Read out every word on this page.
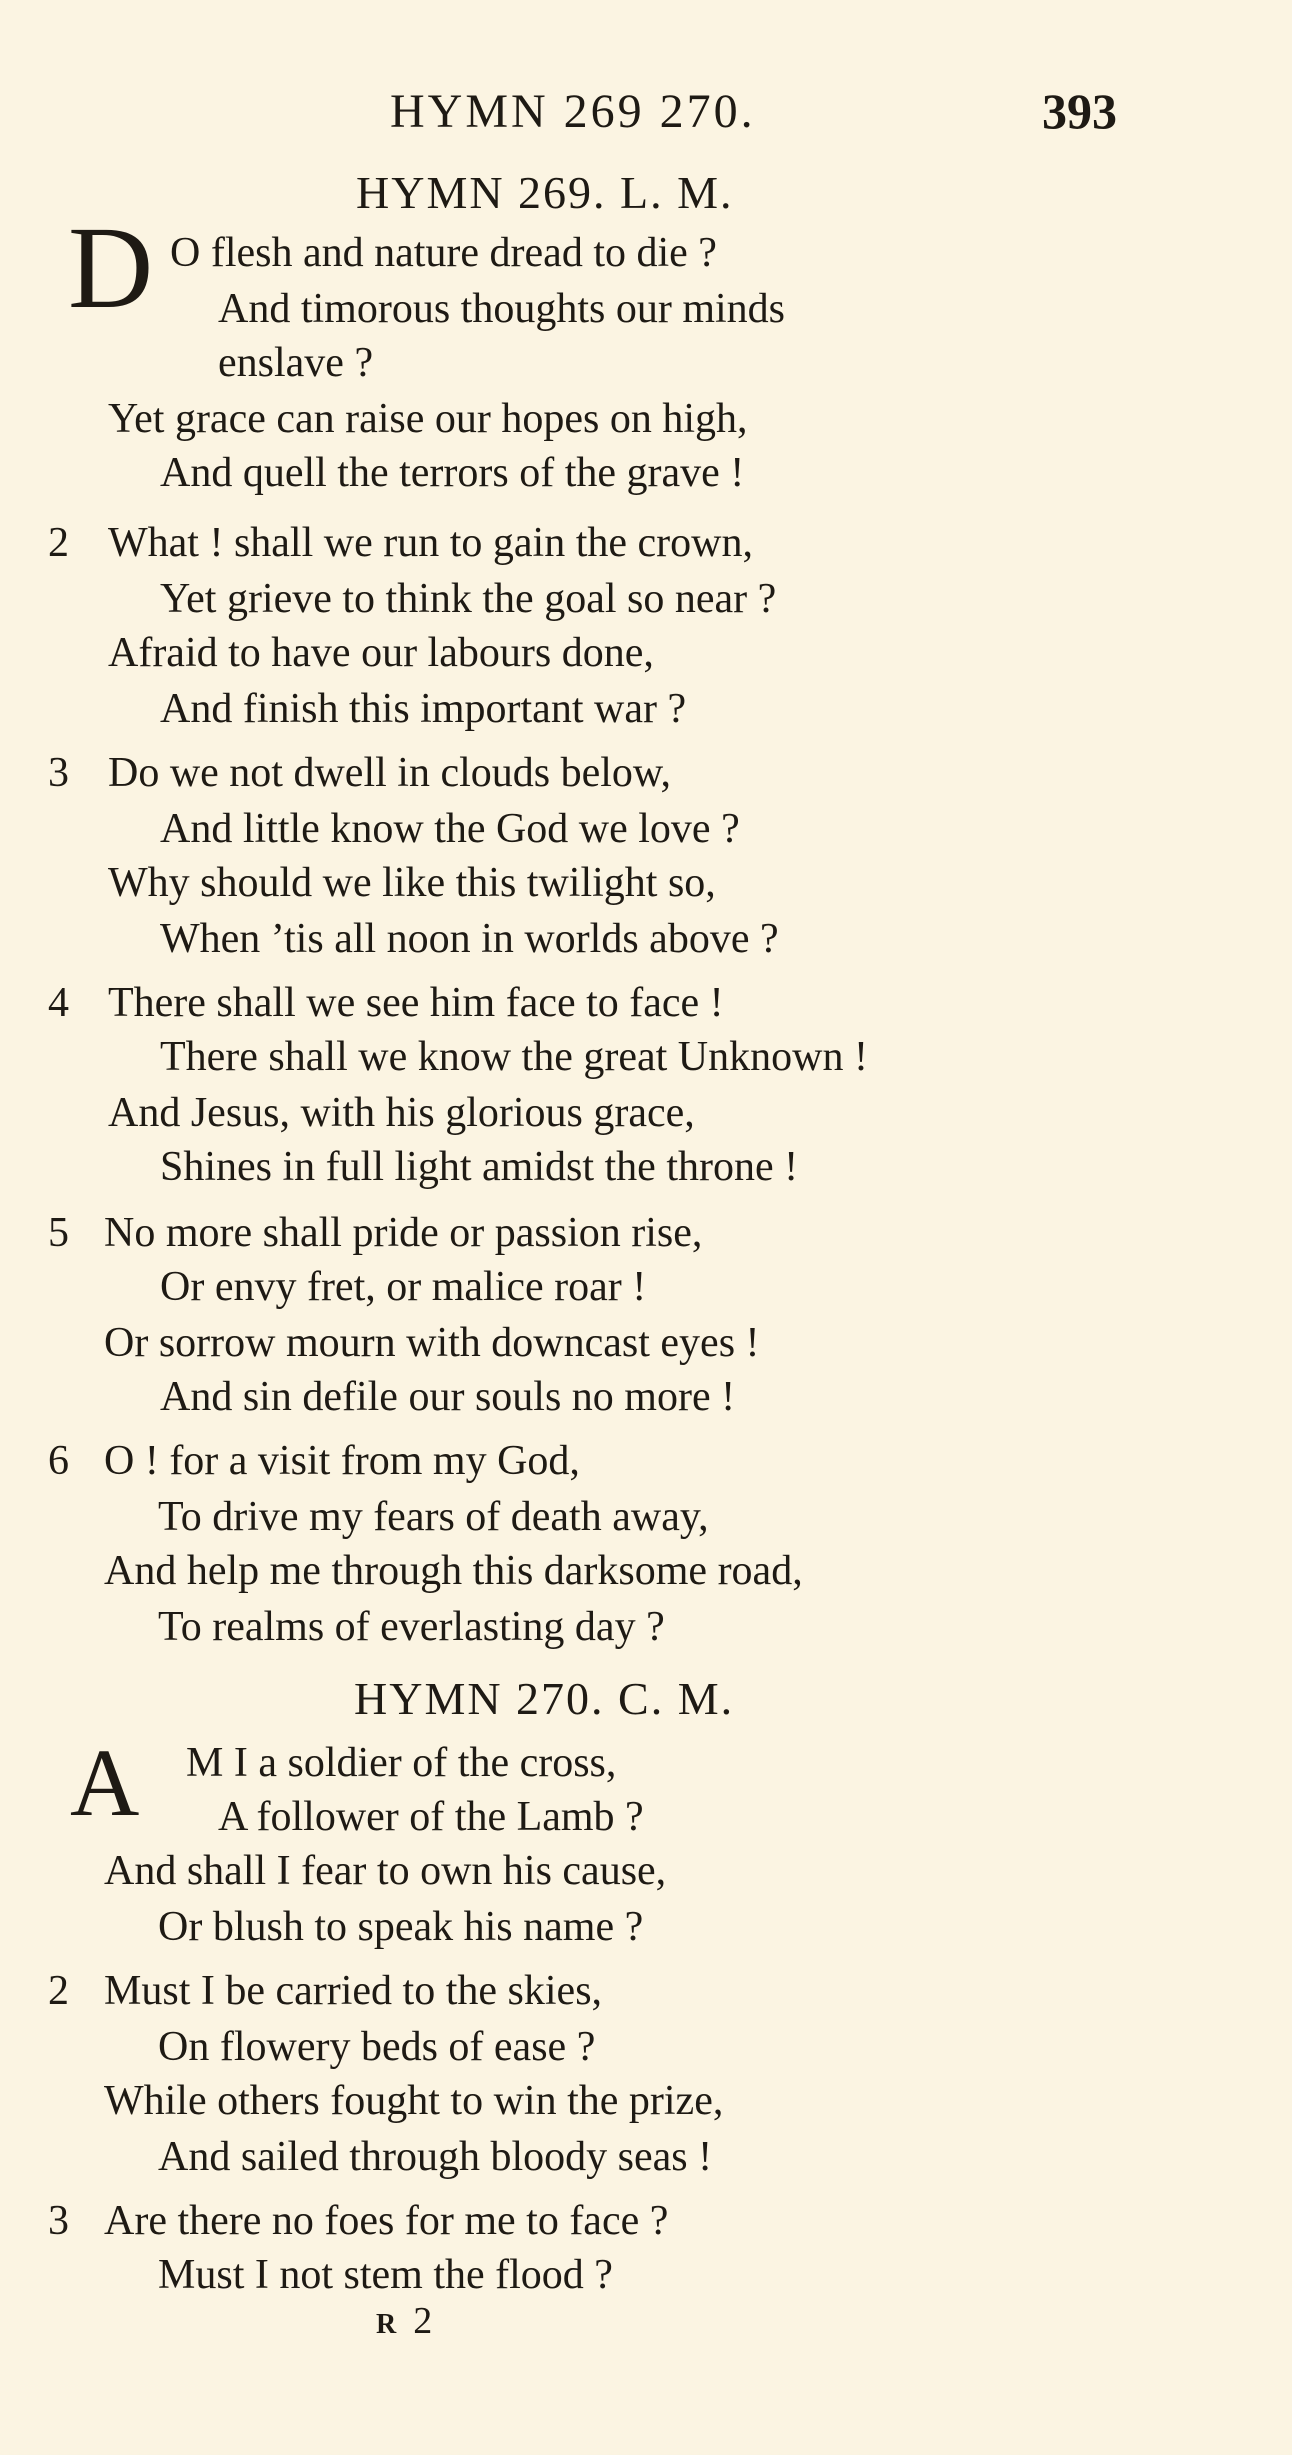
HYMN 269 270.	393
HYMN 269. L. M.
D O flesh and nature dread to die ?
And timorous thoughts our minds
enslave ?
Yet grace can raise our hopes on high,
And quell the terrors of the grave !
2 What ! shall we run to gain the crown,
Yet grieve to think the goal so near ?
Afraid to have our labours done,
And finish this important war ?
3 Do we not dwell in clouds below,
And little know the God we love ?
Why should we like this twilight so,
When ’tis all noon in worlds above ?
4 There shall we see him face to face !
There shall we know the great Unknown !
And Jesus, with his glorious grace,
Shines in full light amidst the throne !
5 No more shall pride or passion rise,
Or envy fret, or malice roar !
Or sorrow mourn with downcast eyes !
And sin defile our souls no more !
6 O ! for a visit from my God,
To drive my fears of death away,
And help me through this darksome road,
To realms of everlasting day ?
HYMN 270. C. M.
A M I a soldier of the cross,
A follower of the Lamb ?
And shall I fear to own his cause,
Or blush to speak his name ?
2 Must I be carried to the skies,
On flowery beds of ease ?
While others fought to win the prize,
And sailed through bloody seas !
3 Are there no foes for me to face ?
Must I not stem the flood ?
R 2
